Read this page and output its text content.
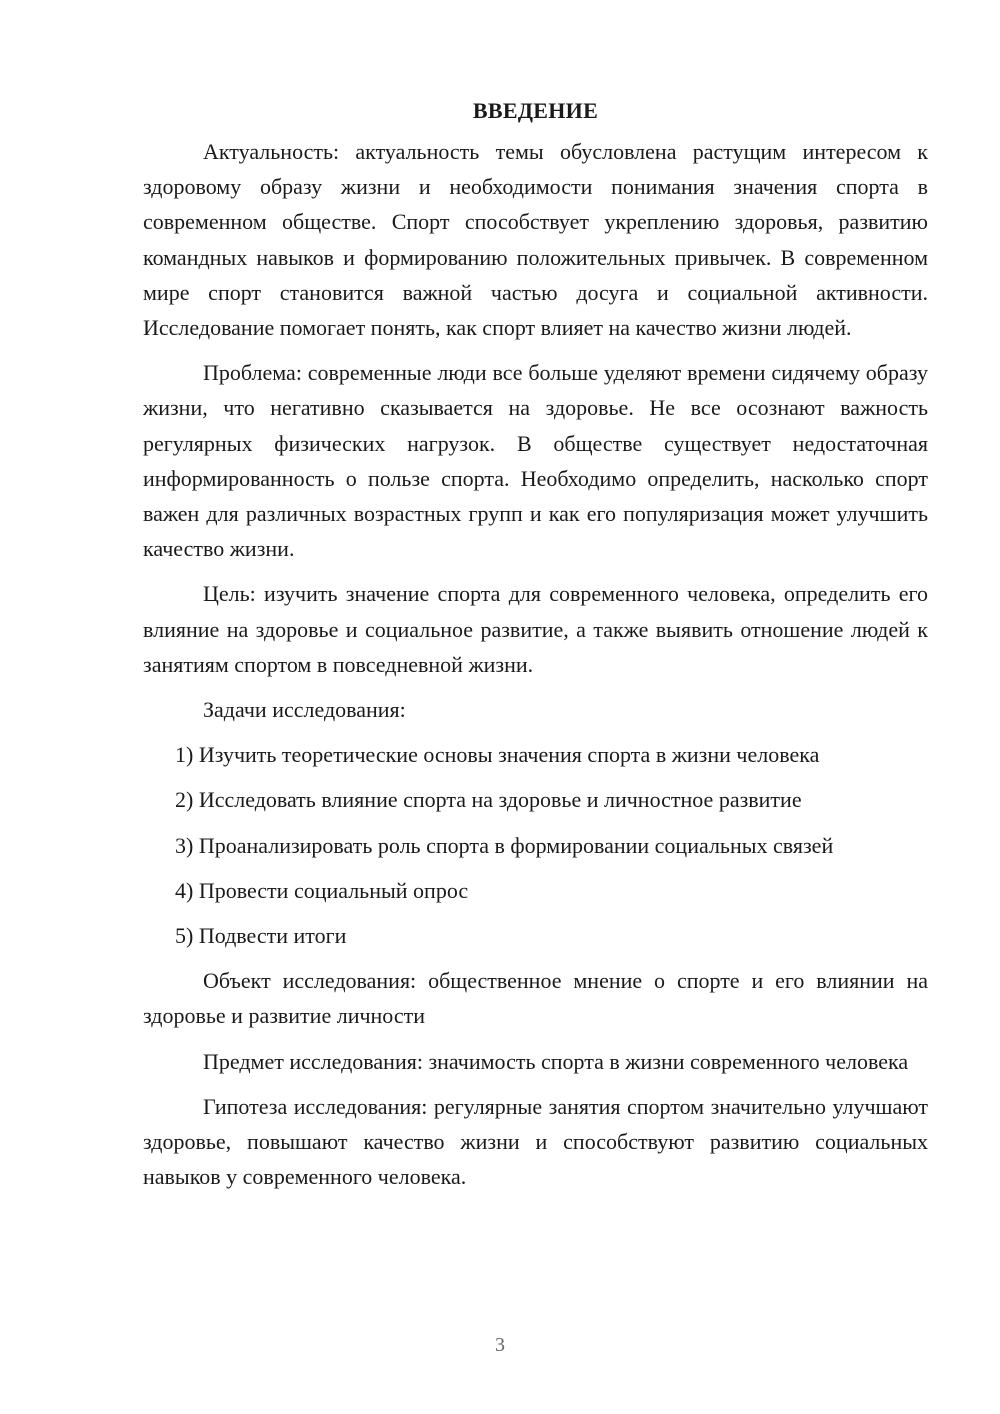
ВВЕДЕНИЕ

Актуальность: актуальность темы обусловлена растущим интересом к здоровому образу жизни и необходимости понимания значения спорта в современном обществе. Спорт способствует укреплению здоровья, развитию командных навыков и формированию положительных привычек. В современном мире спорт становится важной частью досуга и социальной активности. Исследование помогает понять, как спорт влияет на качество жизни людей.

Проблема: современные люди все больше уделяют времени сидячему образу жизни, что негативно сказывается на здоровье. Не все осознают важность регулярных физических нагрузок. В обществе существует недостаточная информированность о пользе спорта. Необходимо определить, насколько спорт важен для различных возрастных групп и как его популяризация может улучшить качество жизни.

Цель: изучить значение спорта для современного человека, определить его влияние на здоровье и социальное развитие, а также выявить отношение людей к занятиям спортом в повседневной жизни.

Задачи исследования:

1) Изучить теоретические основы значения спорта в жизни человека
2) Исследовать влияние спорта на здоровье и личностное развитие
3) Проанализировать роль спорта в формировании социальных связей
4) Провести социальный опрос
5) Подвести итоги

Объект исследования: общественное мнение о спорте и его влиянии на здоровье и развитие личности

Предмет исследования: значимость спорта в жизни современного человека

Гипотеза исследования: регулярные занятия спортом значительно улучшают здоровье, повышают качество жизни и способствуют развитию социальных навыков у современного человека.

3
